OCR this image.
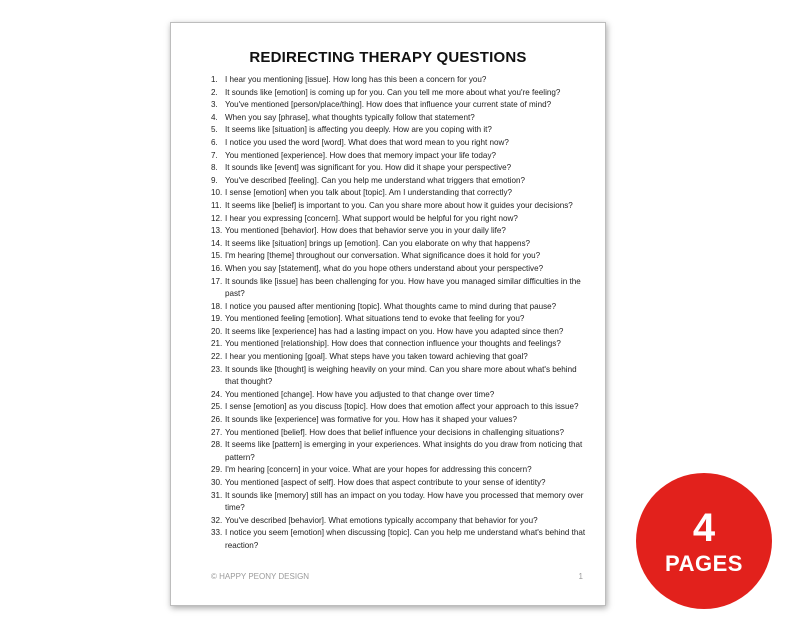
REDIRECTING THERAPY QUESTIONS
1. I hear you mentioning [issue]. How long has this been a concern for you?
2. It sounds like [emotion] is coming up for you. Can you tell me more about what you're feeling?
3. You've mentioned [person/place/thing]. How does that influence your current state of mind?
4. When you say [phrase], what thoughts typically follow that statement?
5. It seems like [situation] is affecting you deeply. How are you coping with it?
6. I notice you used the word [word]. What does that word mean to you right now?
7. You mentioned [experience]. How does that memory impact your life today?
8. It sounds like [event] was significant for you. How did it shape your perspective?
9. You've described [feeling]. Can you help me understand what triggers that emotion?
10. I sense [emotion] when you talk about [topic]. Am I understanding that correctly?
11. It seems like [belief] is important to you. Can you share more about how it guides your decisions?
12. I hear you expressing [concern]. What support would be helpful for you right now?
13. You mentioned [behavior]. How does that behavior serve you in your daily life?
14. It seems like [situation] brings up [emotion]. Can you elaborate on why that happens?
15. I'm hearing [theme] throughout our conversation. What significance does it hold for you?
16. When you say [statement], what do you hope others understand about your perspective?
17. It sounds like [issue] has been challenging for you. How have you managed similar difficulties in the past?
18. I notice you paused after mentioning [topic]. What thoughts came to mind during that pause?
19. You mentioned feeling [emotion]. What situations tend to evoke that feeling for you?
20. It seems like [experience] has had a lasting impact on you. How have you adapted since then?
21. You mentioned [relationship]. How does that connection influence your thoughts and feelings?
22. I hear you mentioning [goal]. What steps have you taken toward achieving that goal?
23. It sounds like [thought] is weighing heavily on your mind. Can you share more about what's behind that thought?
24. You mentioned [change]. How have you adjusted to that change over time?
25. I sense [emotion] as you discuss [topic]. How does that emotion affect your approach to this issue?
26. It sounds like [experience] was formative for you. How has it shaped your values?
27. You mentioned [belief]. How does that belief influence your decisions in challenging situations?
28. It seems like [pattern] is emerging in your experiences. What insights do you draw from noticing that pattern?
29. I'm hearing [concern] in your voice. What are your hopes for addressing this concern?
30. You mentioned [aspect of self]. How does that aspect contribute to your sense of identity?
31. It sounds like [memory] still has an impact on you today. How have you processed that memory over time?
32. You've described [behavior]. What emotions typically accompany that behavior for you?
33. I notice you seem [emotion] when discussing [topic]. Can you help me understand what's behind that reaction?
© HAPPY PEONY DESIGN	1
4
PAGES
